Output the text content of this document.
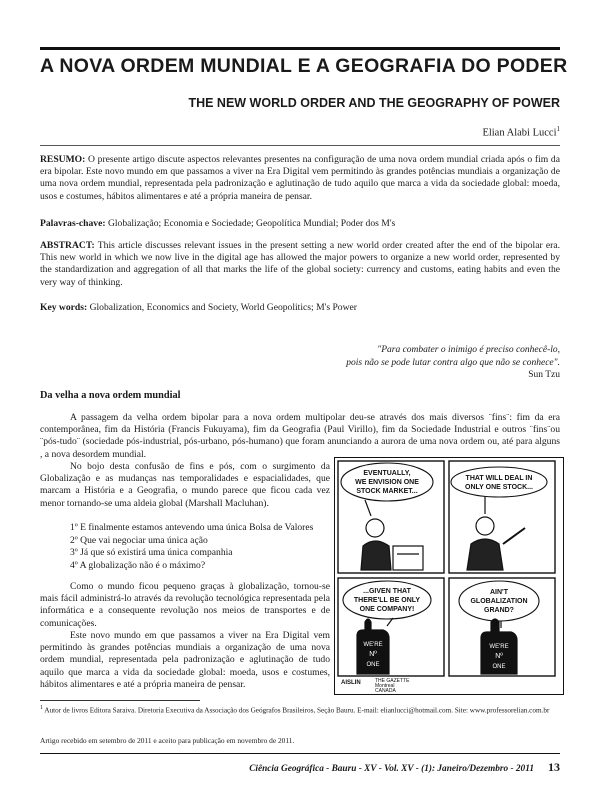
A NOVA ORDEM MUNDIAL E A GEOGRAFIA DO PODER
THE NEW WORLD ORDER AND THE GEOGRAPHY OF POWER
Elian Alabi Lucci$^1$
RESUMO: O presente artigo discute aspectos relevantes presentes na configuração de uma nova ordem mundial criada após o fim da era bipolar. Este novo mundo em que passamos a viver na Era Digital vem permitindo às grandes potências mundiais a organização de uma nova ordem mundial, representada pela padronização e aglutinação de tudo aquilo que marca a vida da sociedade global: moeda, usos e costumes, hábitos alimentares e até a própria maneira de pensar.
Palavras-chave: Globalização; Economia e Sociedade; Geopolítica Mundial; Poder dos M's
ABSTRACT: This article discusses relevant issues in the present setting a new world order created after the end of the bipolar era. This new world in which we now live in the digital age has allowed the major powers to organize a new world order, represented by the standardization and aggregation of all that marks the life of the global society: currency and customs, eating habits and even the very way of thinking.
Key words: Globalization, Economics and Society, World Geopolitics; M's Power
"Para combater o inimigo é preciso conhecê-lo,
pois não se pode lutar contra algo que não se conhece".
Sun Tzu
Da velha a nova ordem mundial
A passagem da velha ordem bipolar para a nova ordem multipolar deu-se através dos mais diversos ¨fins¨: fim da era contemporânea, fim da História (Francis Fukuyama), fim da Geografia (Paul Virillo), fim da Sociedade Industrial e outros ¨fins¨ou ¨pós-tudo¨ (sociedade pós-industrial, pós-urbano, pós-humano) que foram anunciando a aurora de uma nova ordem ou, até para alguns , a nova desordem mundial.
No bojo desta confusão de fins e pós, com o surgimento da Globalização e as mudanças nas temporalidades e espacialidades, que marcam a História e a Geografia, o mundo parece que ficou cada vez menor tornando-se uma aldeia global (Marshall Macluhan).
1º E finalmente estamos antevendo uma única Bolsa de Valores
2º Que vai negociar uma única ação
3º Já que só existirá uma única companhia
4º A globalização não é o máximo?
Como o mundo ficou pequeno graças à globalização, tornou-se mais fácil administrá-lo através da revolução tecnológica representada pela informática e a consequente revolução nos meios de transportes e de comunicações.
Este novo mundo em que passamos a viver na Era Digital vem permitindo às grandes potências mundiais a organização de uma nova ordem mundial, representada pela padronização e aglutinação de tudo aquilo que marca a vida da sociedade global: moeda, usos e costumes, hábitos alimentares e até a própria maneira de pensar.
EVENTUALLY,
WE ENVISION ONE
STOCK MARKET...
THAT WILL DEAL IN
ONLY ONE STOCK...
...GIVEN THAT
THERE'LL BE ONLY
ONE COMPANY!
AIN'T
GLOBALIZATION
GRAND?
WE'RE
Nº
ONE
WE'RE
Nº
ONE
AISLIN	THE GAZETTE
Montreal
CANADA
$^1$ Autor de livros Editora Saraiva. Diretoria Executiva da Associação dos Geógrafos Brasileiros, Seção Bauru. E-mail: elianlucci@hotmail.com. Site: www.professorelian.com.br
Artigo recebido em setembro de 2011 e aceito para publicação em novembro de 2011.
Ciência Geográfica - Bauru - XV - Vol. XV - (1): Janeiro/Dezembro - 2011 13
